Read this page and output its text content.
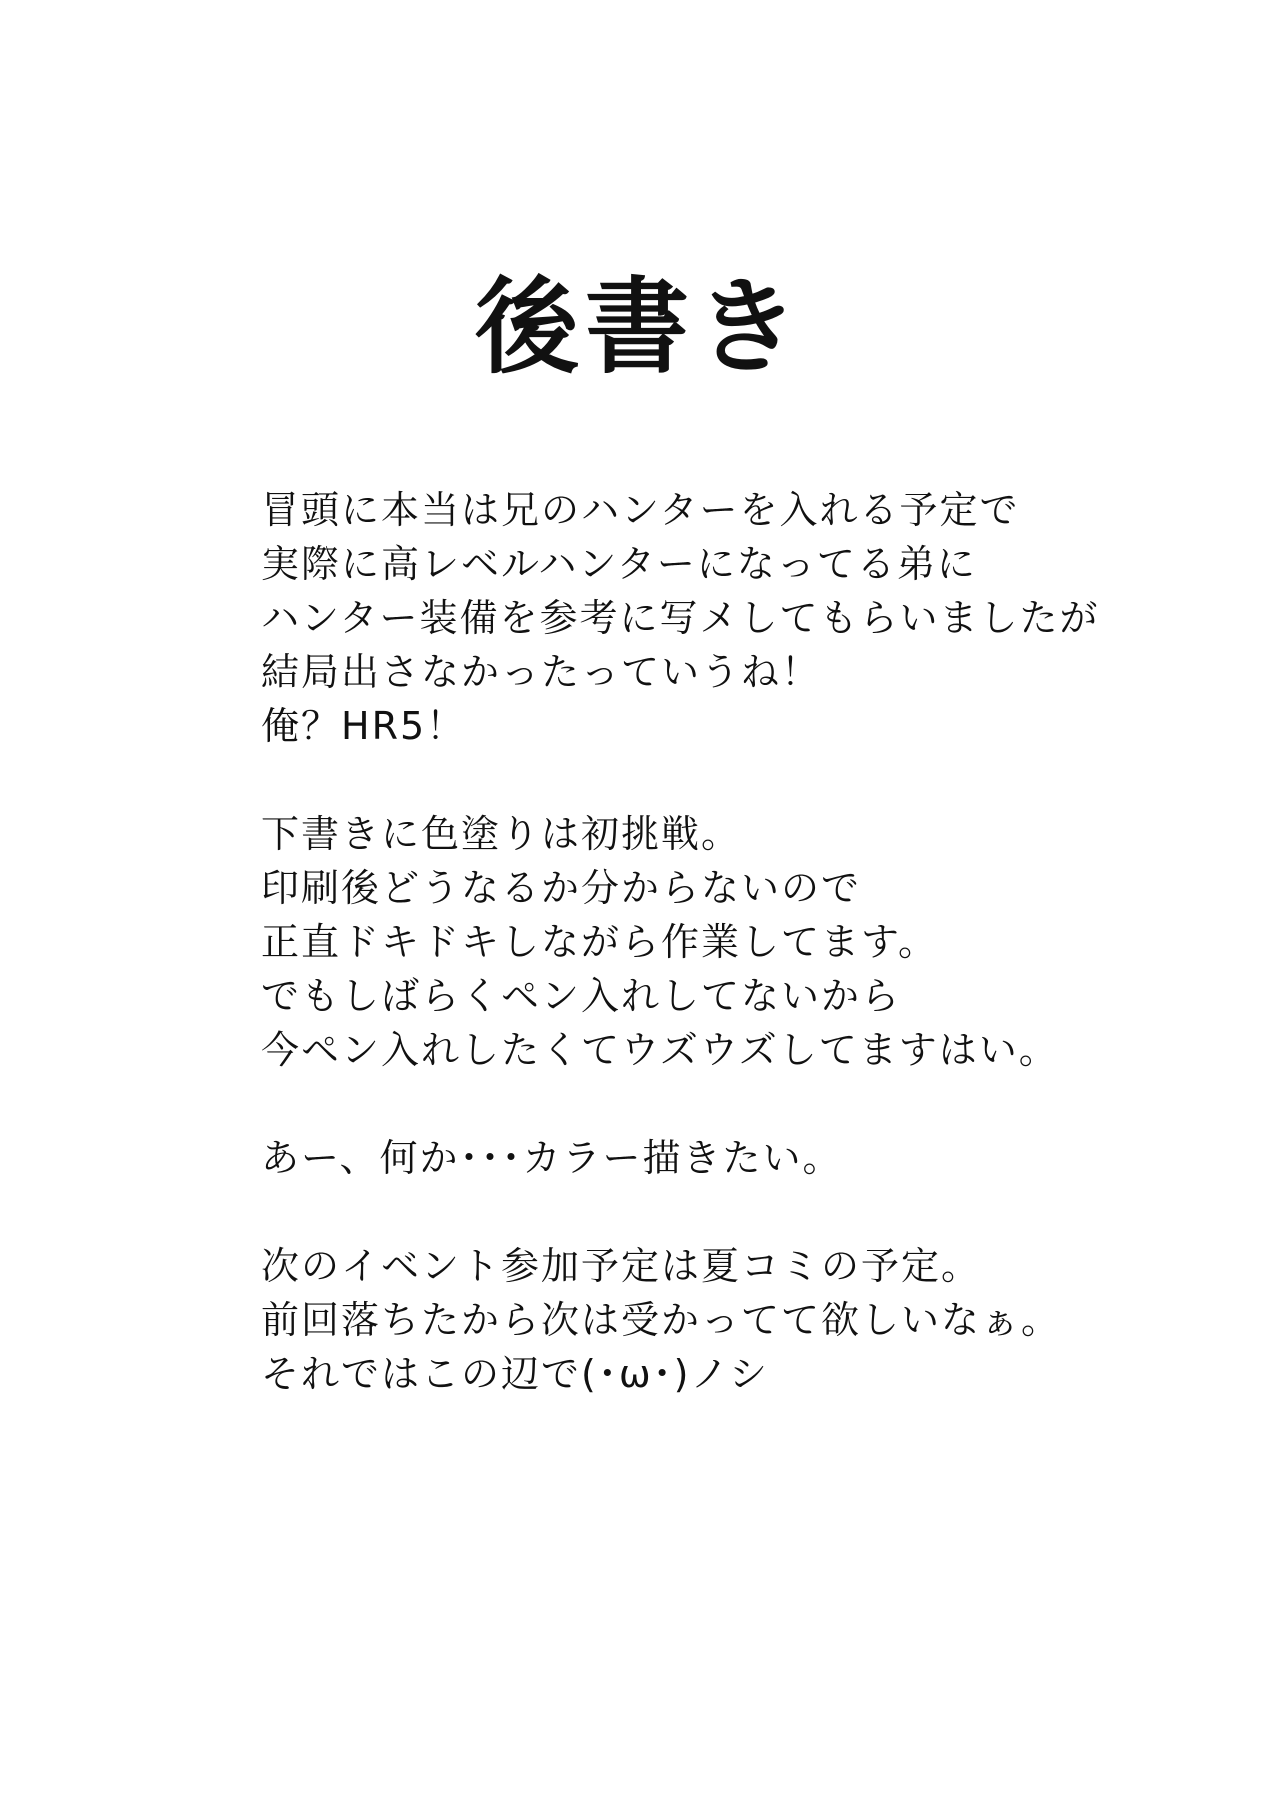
後書き
冒頭に本当は兄のハンターを入れる予定で
実際に高レベルハンターになってる弟に
ハンター装備を参考に写メしてもらいましたが
結局出さなかったっていうね！
俺？HR5！
下書きに色塗りは初挑戦。
印刷後どうなるか分からないので
正直ドキドキしながら作業してます。
でもしばらくペン入れしてないから
今ペン入れしたくてウズウズしてますはい。
あー、何か･･･カラー描きたい。
次のイベント参加予定は夏コミの予定。
前回落ちたから次は受かってて欲しいなぁ。
それではこの辺で(･ω･)ノシ
